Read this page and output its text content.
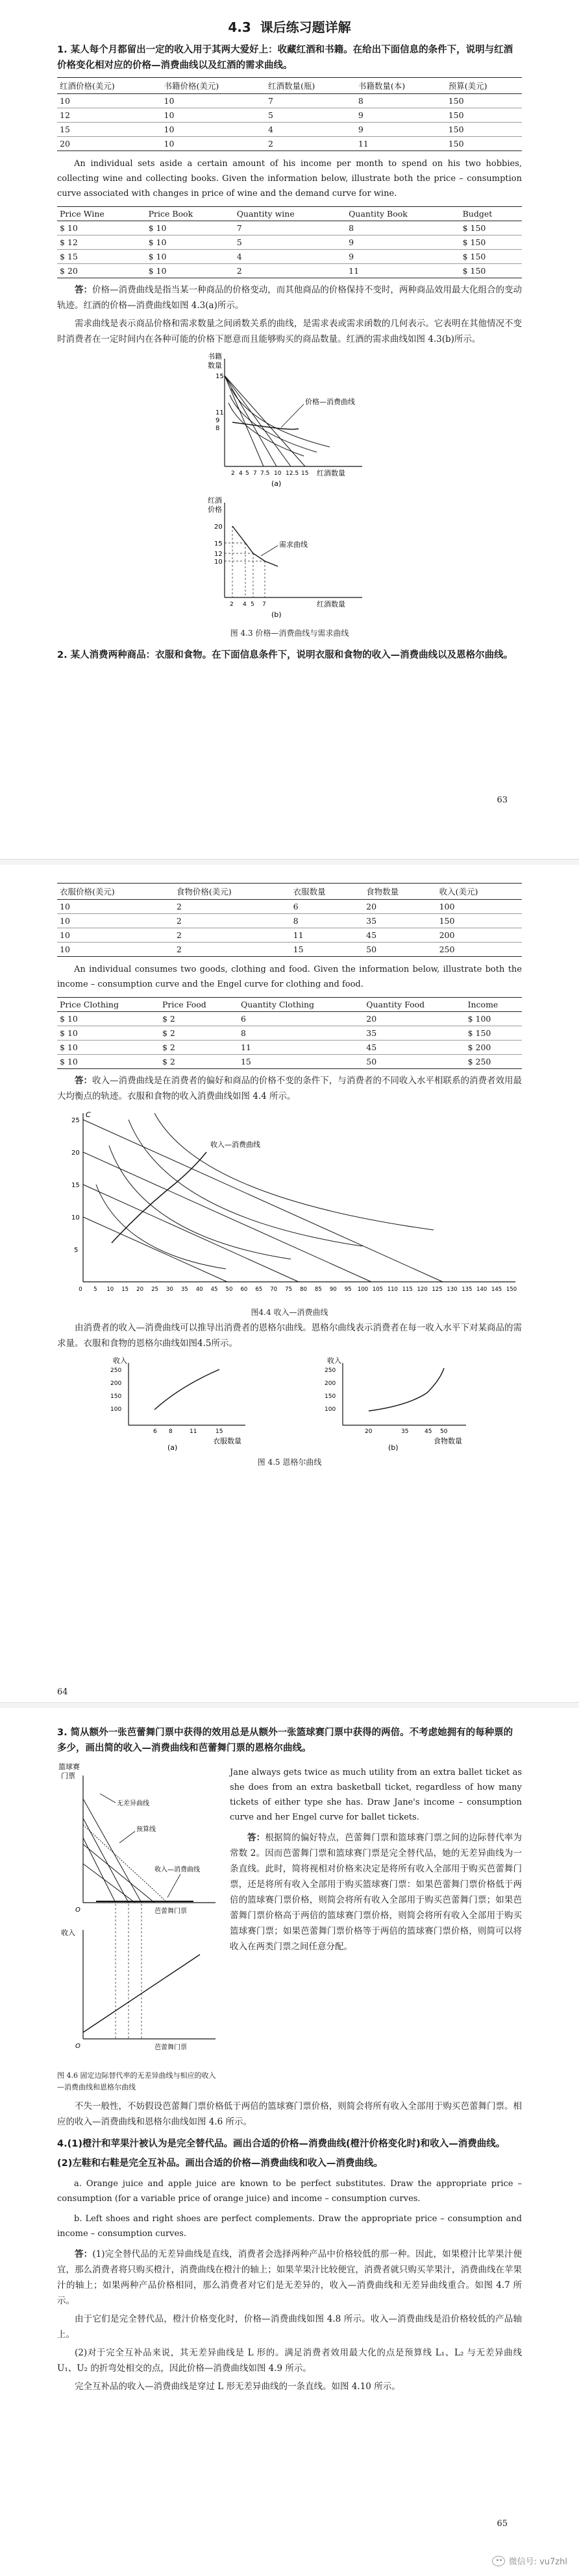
4.3 课后练习题详解

1. 某人每个月都留出一定的收入用于其两大爱好上：收藏红酒和书籍。在给出下面信息的条件下，说明与红酒价格变化相对应的价格—消费曲线以及红酒的需求曲线。

红酒价格(美元)	书籍价格(美元)	红酒数量(瓶)	书籍数量(本)	预算(美元)
10	10	7	8	150
12	10	5	9	150
15	10	4	9	150
20	10	2	11	150

An individual sets aside a certain amount of his income per month to spend on his two hobbies, collecting wine and collecting books. Given the information below, illustrate both the price – consumption curve associated with changes in price of wine and the demand curve for wine.

Price Wine	Price Book	Quantity wine	Quantity Book	Budget
$ 10	$ 10	7	8	$ 150
$ 12	$ 10	5	9	$ 150
$ 15	$ 10	4	9	$ 150
$ 20	$ 10	2	11	$ 150

答：价格—消费曲线是指当某一种商品的价格变动，而其他商品的价格保持不变时，两种商品效用最大化组合的变动轨迹。红酒的价格—消费曲线如图 4.3(a)所示。

需求曲线是表示商品价格和需求数量之间函数关系的曲线，是需求表或需求函数的几何表示。它表明在其他情况不变时消费者在一定时间内在各种可能的价格下愿意而且能够购买的商品数量。红酒的需求曲线如图 4.3(b)所示。

书籍
数量
15
11
9
8
价格—消费曲线
2 4 5 7 7.5 10 12.5 15 红酒数量
(a)
红酒
价格
20
15
12
10
需求曲线
2 4 5 7	红酒数量
(b)

图 4.3 价格—消费曲线与需求曲线

2. 某人消费两种商品：衣服和食物。在下面信息条件下，说明衣服和食物的收入—消费曲线以及恩格尔曲线。

63
衣服价格(美元)	食物价格(美元)	衣服数量	食物数量	收入(美元)
10	2	6	20	100
10	2	8	35	150
10	2	11	45	200
10	2	15	50	250

An individual consumes two goods, clothing and food. Given the information below, illustrate both the income – consumption curve and the Engel curve for clothing and food.

Price Clothing	Price Food	Quantity Clothing	Quantity Food	Income
$ 10	$ 2	6	20	$ 100
$ 10	$ 2	8	35	$ 150
$ 10	$ 2	11	45	$ 200
$ 10	$ 2	15	50	$ 250

答：收入—消费曲线是在消费者的偏好和商品的价格不变的条件下，与消费者的不同收入水平相联系的消费者效用最大均衡点的轨迹。衣服和食物的收入消费曲线如图 4.4 所示。

C
25
20
15
10
5
收入—消费曲线
0 5 10 15 20 25 30 35 40 45 50 60 65 70 75 80 85 90 95 100 105 110 115 120 125 130 135 140 145 150

图4.4 收入—消费曲线

由消费者的收入—消费曲线可以推导出消费者的恩格尔曲线。恩格尔曲线表示消费者在每一收入水平下对某商品的需求量。衣服和食物的恩格尔曲线如图4.5所示。

收入
250
200
150
100
6 8	11	15
衣服数量
(a)
收入
250
200
150
100
20	35	45 50
食物数量
(b)

图 4.5 恩格尔曲线

64

3. 简从额外一张芭蕾舞门票中获得的效用总是从额外一张篮球赛门票中获得的两倍。不考虑她拥有的每种票的多少，画出简的收入—消费曲线和芭蕾舞门票的恩格尔曲线。

篮球赛
门票
无差异曲线
预算线
收入—消费曲线
O	芭蕾舞门票
收入
O	芭蕾舞门票

图 4.6 固定边际替代率的无差异曲线与相应的收入—消费曲线和恩格尔曲线

Jane always gets twice as much utility from an extra ballet ticket as she does from an extra basketball ticket, regardless of how many tickets of either type she has. Draw Jane's income – consumption curve and her Engel curve for ballet tickets.

答：根据简的偏好特点，芭蕾舞门票和篮球赛门票之间的边际替代率为常数 2。因而芭蕾舞门票和篮球赛门票是完全替代品，她的无差异曲线为一条直线。此时，简将视相对价格来决定是将所有收入全部用于购买芭蕾舞门票，还是将所有收入全部用于购买篮球赛门票：如果芭蕾舞门票价格低于两倍的篮球赛门票价格，则简会将所有收入全部用于购买芭蕾舞门票；如果芭蕾舞门票价格高于两倍的篮球赛门票价格，则简会将所有收入全部用于购买篮球赛门票；如果芭蕾舞门票价格等于两倍的篮球赛门票价格，则简可以将收入在两类门票之间任意分配。

不失一般性，不妨假设芭蕾舞门票价格低于两倍的篮球赛门票价格，则简会将所有收入全部用于购买芭蕾舞门票。相应的收入—消费曲线和恩格尔曲线如图 4.6 所示。

4.(1)橙汁和苹果汁被认为是完全替代品。画出合适的价格—消费曲线(橙汁价格变化时)和收入—消费曲线。

(2)左鞋和右鞋是完全互补品。画出合适的价格—消费曲线和收入—消费曲线。

a. Orange juice and apple juice are known to be perfect substitutes. Draw the appropriate price – consumption (for a variable price of orange juice) and income – consumption curves.

b. Left shoes and right shoes are perfect complements. Draw the appropriate price – consumption and income – consumption curves.

答：(1)完全替代品的无差异曲线是直线，消费者会选择两种产品中价格较低的那一种。因此，如果橙汁比苹果汁便宜，那么消费者将只购买橙汁，消费曲线在橙汁的轴上；如果苹果汁比较便宜，消费者就只购买苹果汁，消费曲线在苹果汁的轴上；如果两种产品价格相同，那么消费者对它们是无差异的，收入—消费曲线和无差异曲线重合。如图 4.7 所示。

由于它们是完全替代品，橙汁价格变化时，价格—消费曲线如图 4.8 所示。收入—消费曲线是沿价格较低的产品轴上。

(2)对于完全互补品来说，其无差异曲线是 L 形的。满足消费者效用最大化的点是预算线 L₁、L₂ 与无差异曲线 U₁、U₂ 的折弯处相交的点，因此价格—消费曲线如图 4.9 所示。

完全互补品的收入—消费曲线是穿过 L 形无差异曲线的一条直线。如图 4.10 所示。

65
微信号: vu7zhl
